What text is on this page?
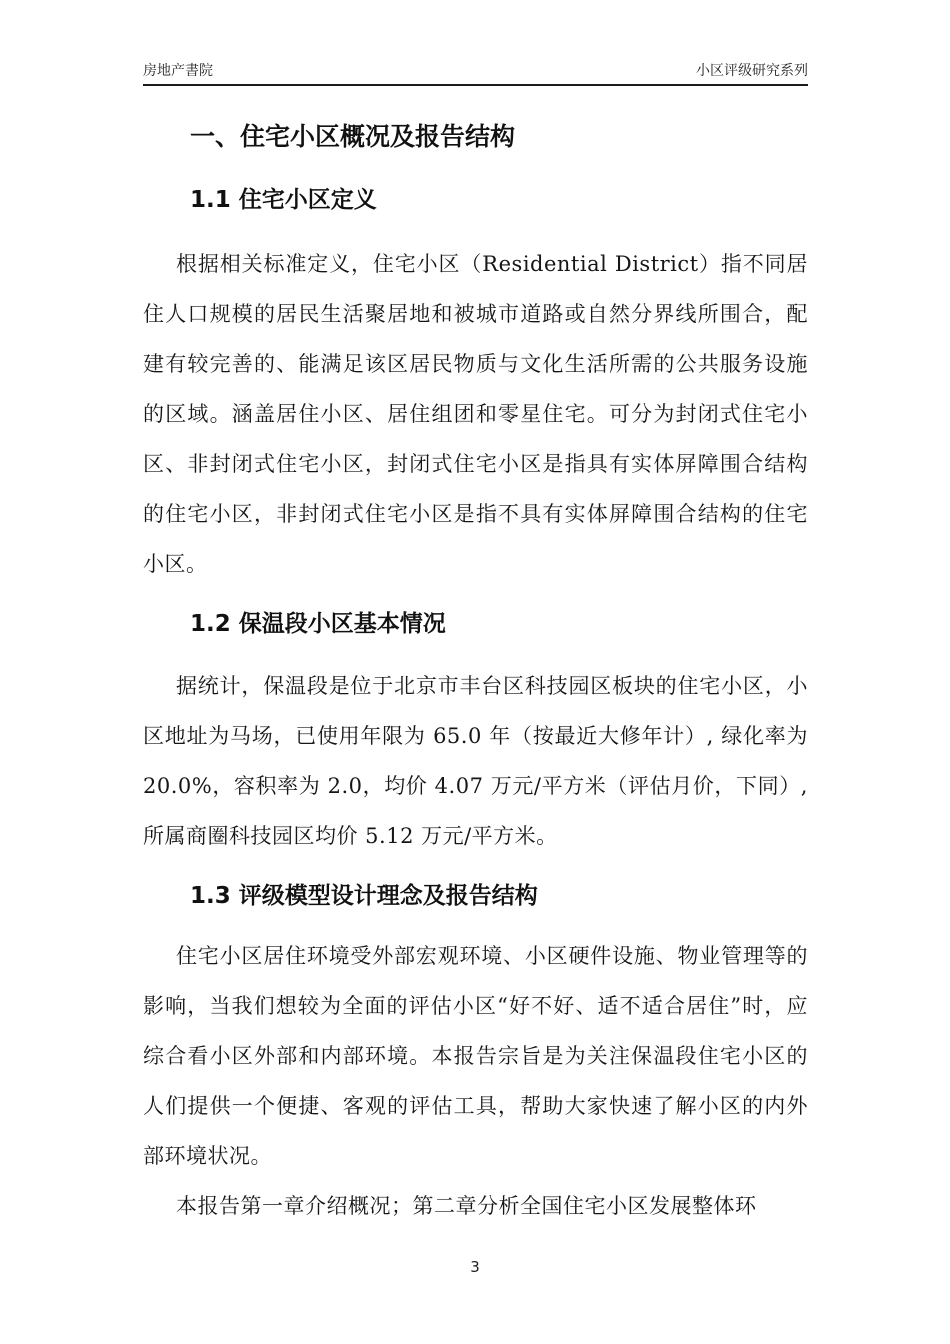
房地产書院	小区评级研究系列
一、住宅小区概况及报告结构
1.1 住宅小区定义

根据相关标准定义，住宅小区（Residential District）指不同居住人口规模的居民生活聚居地和被城市道路或自然分界线所围合，配建有较完善的、能满足该区居民物质与文化生活所需的公共服务设施的区域。涵盖居住小区、居住组团和零星住宅。可分为封闭式住宅小区、非封闭式住宅小区，封闭式住宅小区是指具有实体屏障围合结构的住宅小区，非封闭式住宅小区是指不具有实体屏障围合结构的住宅小区。

1.2 保温段小区基本情况

据统计，保温段是位于北京市丰台区科技园区板块的住宅小区，小区地址为马场，已使用年限为 65.0 年（按最近大修年计）, 绿化率为 20.0%，容积率为 2.0，均价 4.07 万元/平方米（评估月价，下同）, 所属商圈科技园区均价 5.12 万元/平方米。

1.3 评级模型设计理念及报告结构

住宅小区居住环境受外部宏观环境、小区硬件设施、物业管理等的影响，当我们想较为全面的评估小区“好不好、适不适合居住”时，应综合看小区外部和内部环境。本报告宗旨是为关注保温段住宅小区的人们提供一个便捷、客观的评估工具，帮助大家快速了解小区的内外部环境状况。

本报告第一章介绍概况；第二章分析全国住宅小区发展整体环

3
